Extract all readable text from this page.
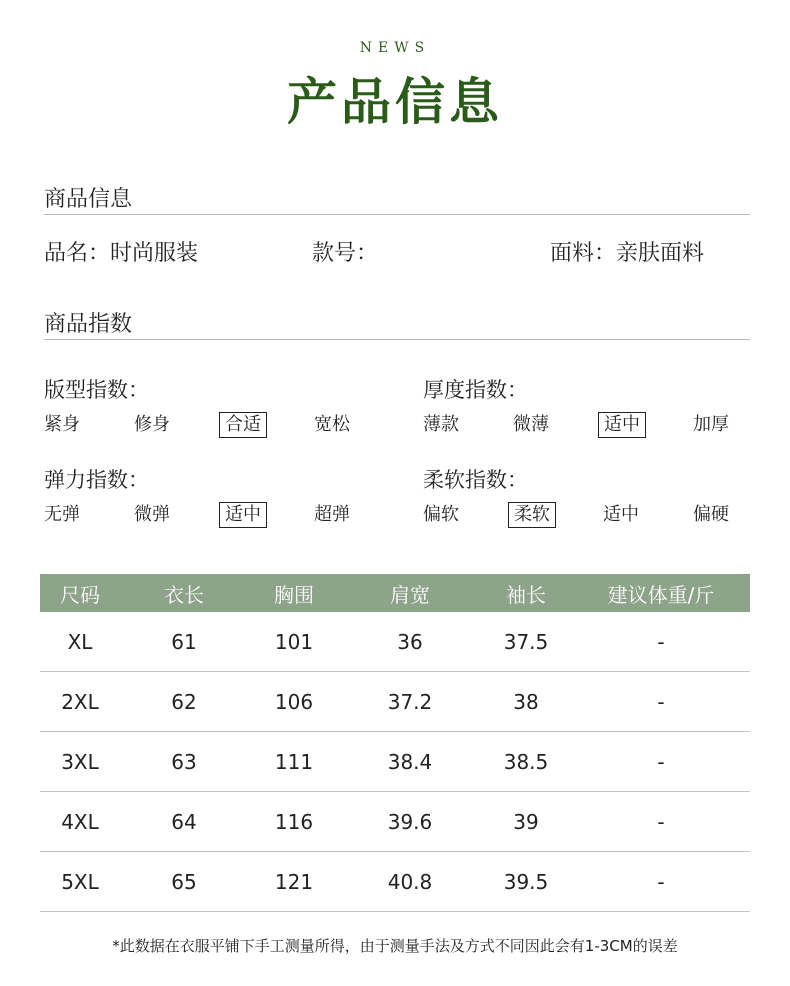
NEWS
产品信息
商品信息
品名：时尚服装	款号：	面料：亲肤面料
商品指数
版型指数：
紧身	修身	合适	宽松
厚度指数：
薄款	微薄	适中	加厚
弹力指数：
无弹	微弹	适中	超弹
柔软指数：
偏软	柔软	适中	偏硬
尺码	衣长	胸围	肩宽	袖长	建议体重/斤
XL	61	101	36	37.5	-
2XL	62	106	37.2	38	-
3XL	63	111	38.4	38.5	-
4XL	64	116	39.6	39	-
5XL	65	121	40.8	39.5	-
*此数据在衣服平铺下手工测量所得，由于测量手法及方式不同因此会有1-3CM的误差
